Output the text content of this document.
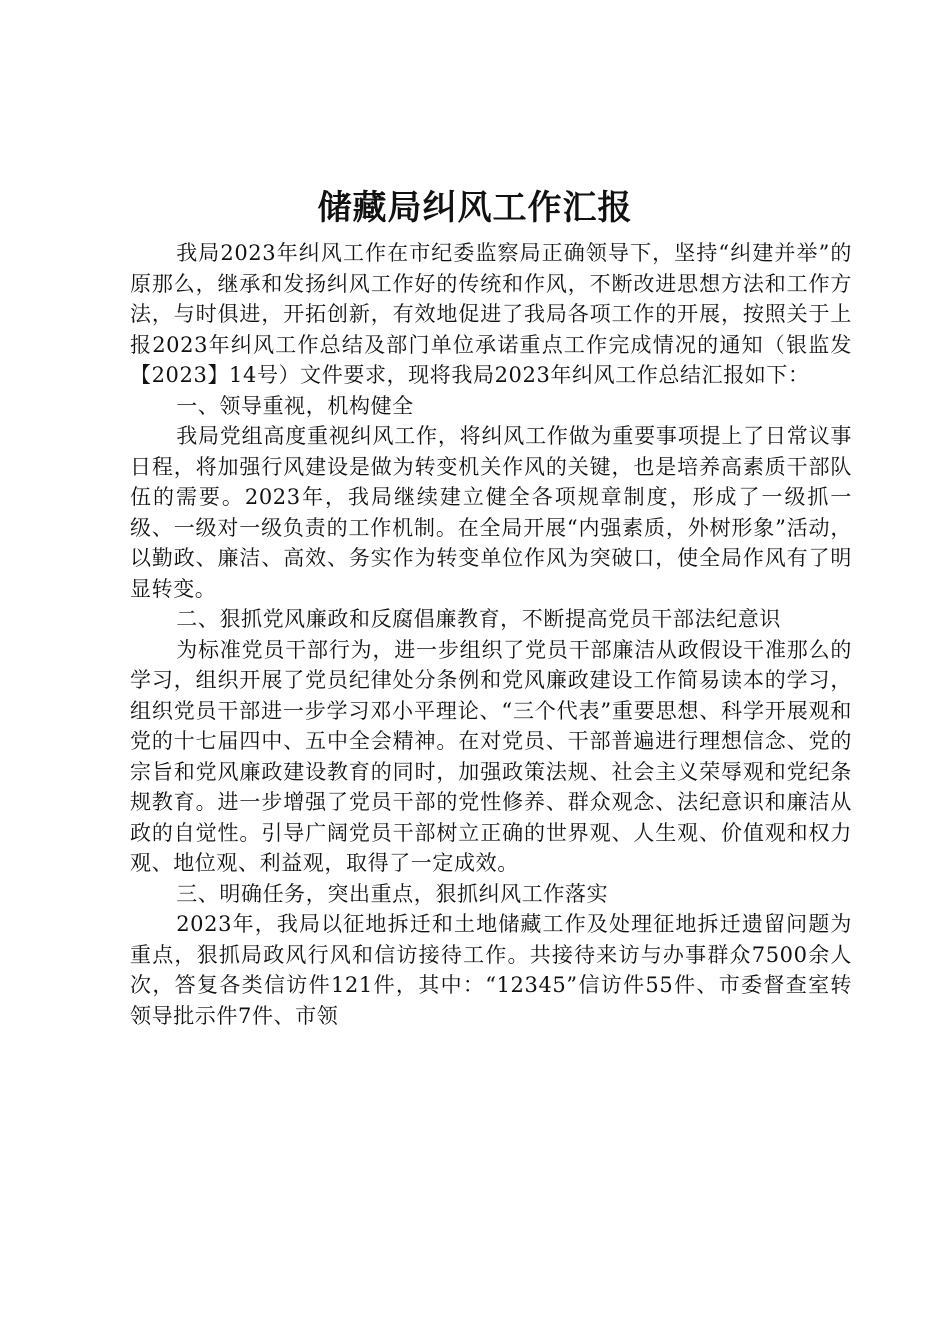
储藏局纠风工作汇报

我局2023年纠风工作在市纪委监察局正确领导下，坚持“纠建并举”的原那么，继承和发扬纠风工作好的传统和作风，不断改进思想方法和工作方法，与时俱进，开拓创新，有效地促进了我局各项工作的开展，按照关于上报2023年纠风工作总结及部门单位承诺重点工作完成情况的通知（银监发【2023】14号）文件要求，现将我局2023年纠风工作总结汇报如下：

一、领导重视，机构健全

我局党组高度重视纠风工作，将纠风工作做为重要事项提上了日常议事日程，将加强行风建设是做为转变机关作风的关键，也是培养高素质干部队伍的需要。2023年，我局继续建立健全各项规章制度，形成了一级抓一级、一级对一级负责的工作机制。在全局开展“内强素质，外树形象”活动，以勤政、廉洁、高效、务实作为转变单位作风为突破口，使全局作风有了明显转变。

二、狠抓党风廉政和反腐倡廉教育，不断提高党员干部法纪意识

为标准党员干部行为，进一步组织了党员干部廉洁从政假设干准那么的学习，组织开展了党员纪律处分条例和党风廉政建设工作简易读本的学习，组织党员干部进一步学习邓小平理论、“三个代表”重要思想、科学开展观和党的十七届四中、五中全会精神。在对党员、干部普遍进行理想信念、党的宗旨和党风廉政建设教育的同时，加强政策法规、社会主义荣辱观和党纪条规教育。进一步增强了党员干部的党性修养、群众观念、法纪意识和廉洁从政的自觉性。引导广阔党员干部树立正确的世界观、人生观、价值观和权力观、地位观、利益观，取得了一定成效。

三、明确任务，突出重点，狠抓纠风工作落实

2023年，我局以征地拆迁和土地储藏工作及处理征地拆迁遗留问题为重点，狠抓局政风行风和信访接待工作。共接待来访与办事群众7500余人次，答复各类信访件121件，其中：“12345”信访件55件、市委督查室转领导批示件7件、市领
